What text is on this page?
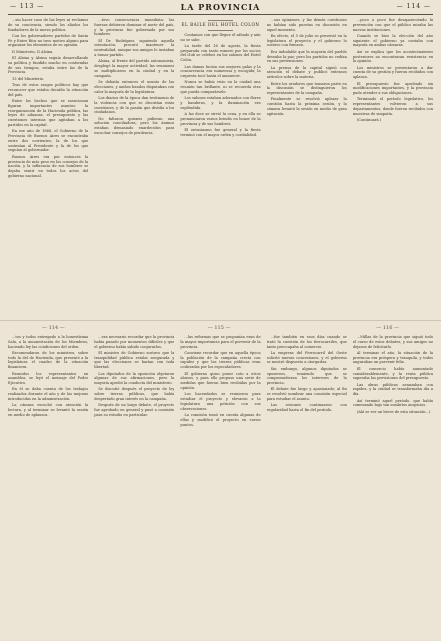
— 113 —	LA PROVINCIA	— 114 —

...sin hacer caso de las leyes ni reclamos de su conciencia, siendo los aliados los fundadores de la nueva política.

Con los gobernadores partidos de Santa Fe y Entre Ríos no tuvo motivo alguno para organizar los elementos de su opinión.

II Ministerio, II Alsina.

El Alsina y Alsina seguía desarrollando su política y fundido mucho en contiendas de sus tiempos, estaba entre las de la Provincia.

13 del Ministerio.

Tras de estos rasgos políticos hay que reconocer que estaba decaída la situación del país.

Entre los hechos que se mencionan figuran importantes asuntos: la reorganización de la Hacienda pública, las leyes de aduanas, el presupuesto y las cuestiones internas que agitaban a los partidos en la capital.

En ese año de 1866, el Gobierno de la Provincia de Buenos Aires se encontraba entre dos corrientes; la de los que sostenían al Presidente y la de los que seguían al gobernador.

Buenos Aires era por entonces la provincia de más peso en los consejos de la nación, y la influencia de sus hombres se dejaba sentir en todos los actos del gobierno nacional.

...tuvo consecuencia inmediata: las fuerzas debieron dominar el norte del país, y la provincia fue gobernada por sus hombres.

El Dr. Rodríguez, siguiendo aquella orientación, procuró mantener la neutralidad, aunque sus amigos le instaban a tomar partido.

Alsina, al frente del partido autonomista, desplegó la mayor actividad; las reuniones se multiplicaron en la ciudad y en la campaña.

Se debatía entonces el asunto de las elecciones, y ambos bandos disputaban con calor la mayoría de la legislatura.

Los diarios de la época dan testimonio de la violencia con que se discutían estas cuestiones, y de la pasión que dividía a los ciudadanos.

No faltaron quienes pidieran una solución conciliadora; pero los ánimos estaban demasiado enardecidos para escuchar consejos de prudencia.

EL BAILE DEL HOTEL COLON

Contamos con que llegue el sábado y aún no se sabe.

La tarde del 16 de agosto, la fiesta preparada con tanto esmero por los socios del club se celebró en los salones del Hotel Colón.

Las damas lucían sus mejores galas y la concurrencia era numerosa y escogida; la orquesta tocó hasta el amanecer.

Nunca se había visto en la ciudad una reunión tan brillante, ni se recuerda otra que pueda comparársele.

Los salones estaban adornados con flores y banderas, y la iluminación era espléndida.

A las doce se sirvió la cena, y en ella se pronunciaron varios brindis en honor de la provincia y de sus hombres.

El entusiasmo fue general y la fiesta terminó con el mayor orden y cordialidad.

...sus opiniones, y las demás cuestiones no habían sido puestas en discusión en aquel momento.

En efecto, el 5 de julio se presentó en la legislatura el proyecto y el gobierno lo sostuvo con firmeza.

Era indudable que la mayoría del pueblo deseaba la paz; pero los partidos no cedían en sus pretensiones.

La prensa de la capital siguió con atención el debate y publicó extensos artículos sobre la materia.

Entre los oradores que tomaron parte en la discusión se distinguieron los representantes de la campaña.

Finalmente se resolvió aplazar la cuestión hasta la próxima sesión, y la cámara levantó la sesión en medio de gran agitación.

...poco a poco fue desapareciendo la prevención con que el público miraba las nuevas instituciones.

Cuando se hizo la elección del año siguiente el gobierno ya contaba con mayoría en ambas cámaras.

Así se explica que los acontecimientos posteriores no encontraran resistencia en la opinión.

Los ministros se presentaron a dar cuenta de su gestión y fueron recibidos con aplauso.

El presupuesto fue aprobado sin modificaciones importantes, y la provincia pudo atender a sus obligaciones.

Terminado el período legislativo, los representantes volvieron a sus departamentos, donde fueron recibidos con muestras de simpatía.

(Continuará.)

— 114 —	— 115 —	— 116 —

...tos y todos entregado a la honestísima Sala, a la amonestación de los Miembros, haciendo ley las condiciones del orden.

Recomendaron de los ministros, sobre todo la del de Hacienda, que presentó a la legislatura el cuadro de la situación financiera.

Reunidos los representantes en asamblea, se leyó el mensaje del Poder Ejecutivo.

En él se daba cuenta de los trabajos realizados durante el año y de las mejoras introducidas en la administración.

La cámara escuchó con atención la lectura, y al terminar se levantó la sesión en medio de aplausos.

...era necesario recordar que la provincia había pasado por momentos difíciles y que el gobierno había sabido conjurarlos.

El ministro de Gobierno sostuvo que la tranquilidad pública estaba asegurada y que las elecciones se harían con toda libertad.

Los diputados de la oposición objetaron algunas de sus afirmaciones, pero la mayoría aprobó la conducta del ministerio.

Se discutió después el proyecto de ley sobre tierras públicas, que había despertado gran interés en la campaña.

Después de un largo debate, el proyecto fue aprobado en general y pasó a comisión para su estudio en particular.

...las reformas que se proponían eran de la mayor importancia para el porvenir de la provincia.

Conviene recordar que en aquella época la población de la campaña crecía con rapidez y que las tierras públicas eran codiciadas por los especuladores.

El gobierno quiso poner coto a estos abusos, y para ello propuso una serie de medidas que fueron bien recibidas por la opinión.

Los hacendados se reunieron para estudiar el proyecto y elevaron a la legislatura una petición con sus observaciones.

La comisión tomó en cuenta algunas de ellas y modificó el proyecto en varios puntos.

...fue también en esos días cuando se trató la cuestión de los ferrocarriles, que tanto preocupaba al comercio.

La empresa del Ferrocarril del Oeste solicitó nuevas concesiones, y el gobierno se mostró dispuesto a otorgarlas.

Sin embargo, algunos diputados se opusieron, temiendo que se comprometieran los intereses de la provincia.

El debate fue largo y apasionado; al fin se resolvió nombrar una comisión especial para estudiar el asunto.

Las sesiones continuaron con regularidad hasta el fin del período.

...Millas de la provincia que siguió todo el curso de estos debates, y sus amigos no dejaron de felicitarlo.

Al terminar el año, la situación de la provincia era próspera y tranquila, y todos auguraban un porvenir feliz.

El comercio había aumentado considerablemente, y la renta pública superaba las previsiones del presupuesto.

Las obras públicas avanzaban con rapidez, y la ciudad se transformaba día a día.

Así terminó aquel período, que había comenzado bajo tan sombríos auspicios.

(Ahí se ver un breve de esta situación...)
